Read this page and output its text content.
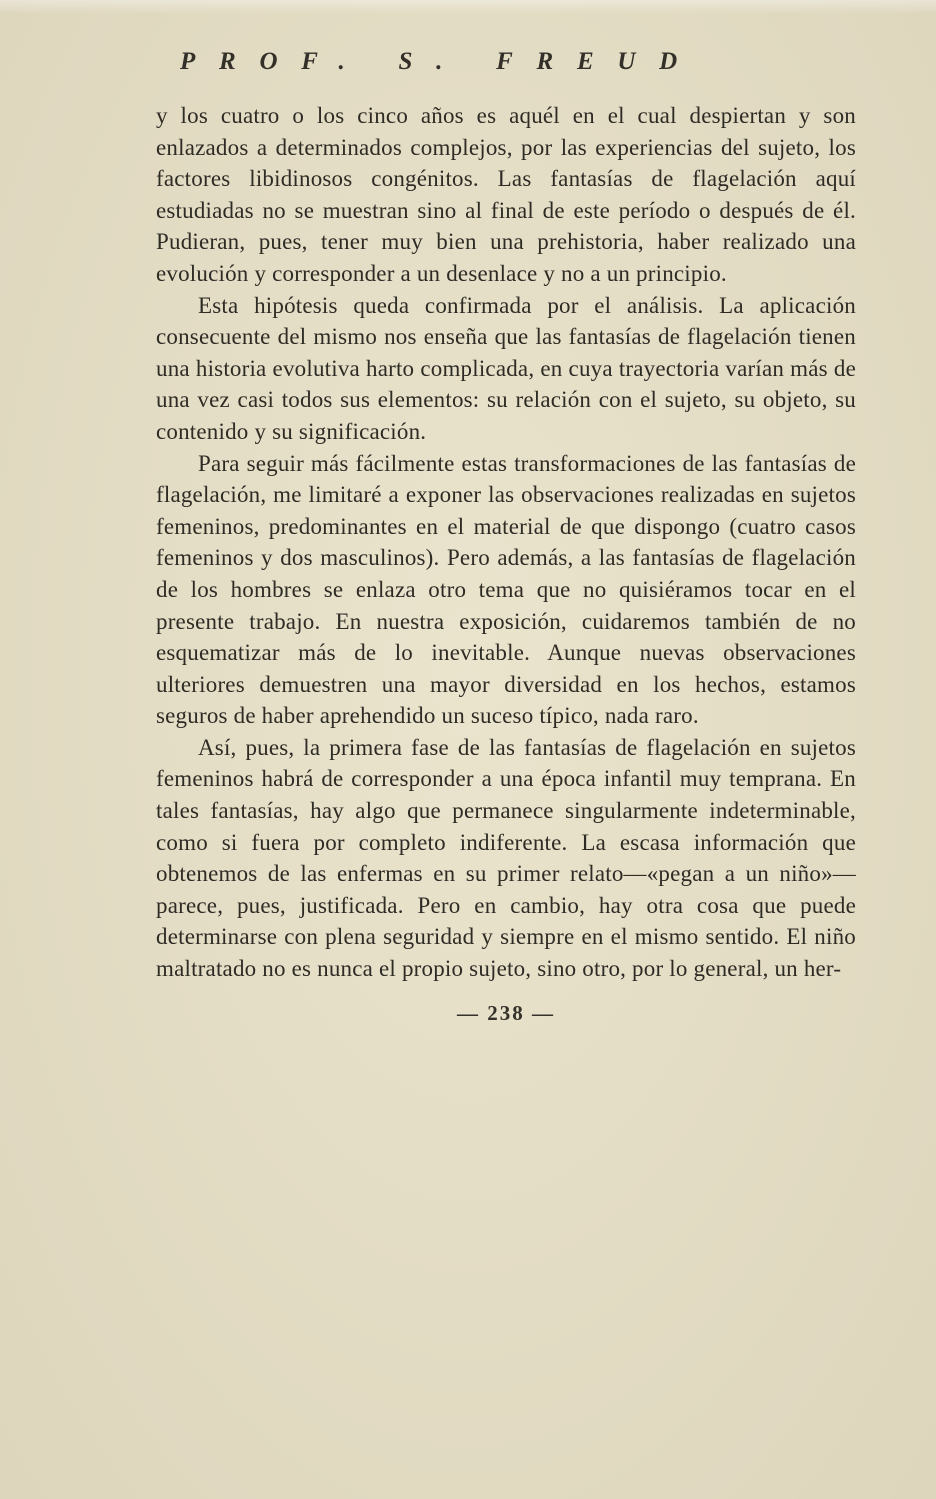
PROF. S. FREUD

y los cuatro o los cinco años es aquél en el cual despiertan y son enlazados a determinados complejos, por las experiencias del sujeto, los factores libidinosos congénitos. Las fantasías de flagelación aquí estudiadas no se muestran sino al final de este período o después de él. Pudieran, pues, tener muy bien una prehistoria, haber realizado una evolución y corresponder a un desenlace y no a un principio.

Esta hipótesis queda confirmada por el análisis. La aplicación consecuente del mismo nos enseña que las fantasías de flagelación tienen una historia evolutiva harto complicada, en cuya trayectoria varían más de una vez casi todos sus elementos: su relación con el sujeto, su objeto, su contenido y su significación.

Para seguir más fácilmente estas transformaciones de las fantasías de flagelación, me limitaré a exponer las observaciones realizadas en sujetos femeninos, predominantes en el material de que dispongo (cuatro casos femeninos y dos masculinos). Pero además, a las fantasías de flagelación de los hombres se enlaza otro tema que no quisiéramos tocar en el presente trabajo. En nuestra exposición, cuidaremos también de no esquematizar más de lo inevitable. Aunque nuevas observaciones ulteriores demuestren una mayor diversidad en los hechos, estamos seguros de haber aprehendido un suceso típico, nada raro.

Así, pues, la primera fase de las fantasías de flagelación en sujetos femeninos habrá de corresponder a una época infantil muy temprana. En tales fantasías, hay algo que permanece singularmente indeterminable, como si fuera por completo indiferente. La escasa información que obtenemos de las enfermas en su primer relato—«pegan a un niño»—parece, pues, justificada. Pero en cambio, hay otra cosa que puede determinarse con plena seguridad y siempre en el mismo sentido. El niño maltratado no es nunca el propio sujeto, sino otro, por lo general, un her-

— 238 —
